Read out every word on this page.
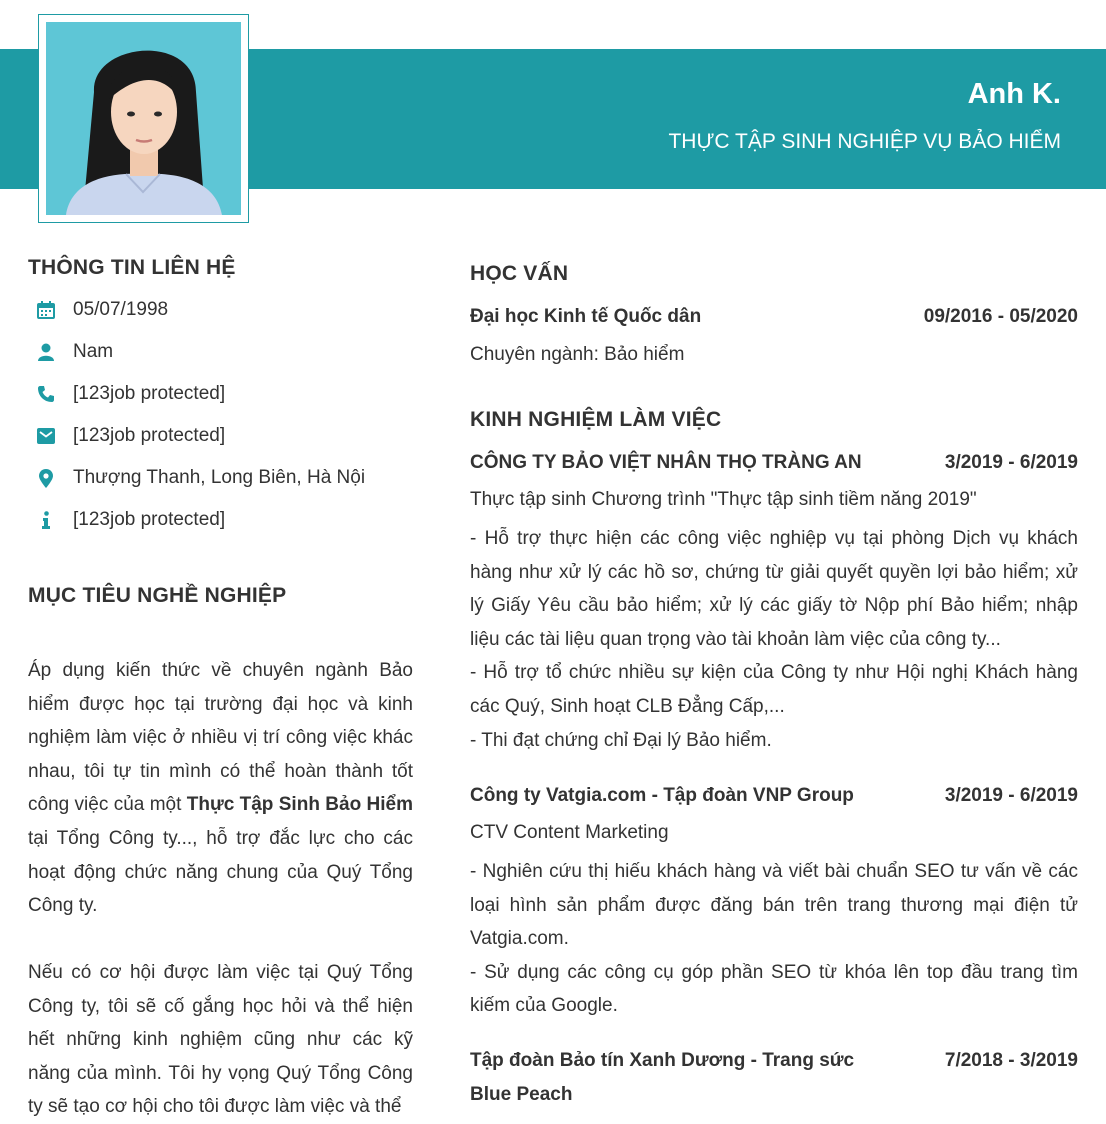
Anh K.
THỰC TẬP SINH NGHIỆP VỤ BẢO HIỂM
THÔNG TIN LIÊN HỆ
05/07/1998
Nam
[123job protected]
[123job protected]
Thượng Thanh, Long Biên, Hà Nội
[123job protected]
MỤC TIÊU NGHỀ NGHIỆP
Áp dụng kiến thức về chuyên ngành Bảo hiểm được học tại trường đại học và kinh nghiệm làm việc ở nhiều vị trí công việc khác nhau, tôi tự tin mình có thể hoàn thành tốt công việc của một Thực Tập Sinh Bảo Hiểm tại Tổng Công ty..., hỗ trợ đắc lực cho các hoạt động chức năng chung của Quý Tổng Công ty.
Nếu có cơ hội được làm việc tại Quý Tổng Công ty, tôi sẽ cố gắng học hỏi và thể hiện hết những kinh nghiệm cũng như các kỹ năng của mình. Tôi hy vọng Quý Tổng Công ty sẽ tạo cơ hội cho tôi được làm việc và thể
HỌC VẤN
Đại học Kinh tế Quốc dân	09/2016 - 05/2020
Chuyên ngành: Bảo hiểm
KINH NGHIỆM LÀM VIỆC
CÔNG TY BẢO VIỆT NHÂN THỌ TRÀNG AN	3/2019 - 6/2019
Thực tập sinh Chương trình "Thực tập sinh tiềm năng 2019"
- Hỗ trợ thực hiện các công việc nghiệp vụ tại phòng Dịch vụ khách
hàng như xử lý các hồ sơ, chứng từ giải quyết quyền lợi bảo hiểm; xử
lý Giấy Yêu cầu bảo hiểm; xử lý các giấy tờ Nộp phí Bảo hiểm; nhập
liệu các tài liệu quan trọng vào tài khoản làm việc của công ty...
- Hỗ trợ tổ chức nhiều sự kiện của Công ty như Hội nghị Khách hàng
các Quý, Sinh hoạt CLB Đẳng Cấp,...
- Thi đạt chứng chỉ Đại lý Bảo hiểm.
Công ty Vatgia.com - Tập đoàn VNP Group	3/2019 - 6/2019
CTV Content Marketing
- Nghiên cứu thị hiếu khách hàng và viết bài chuẩn SEO tư vấn về các
loại hình sản phẩm được đăng bán trên trang thương mại điện tử
Vatgia.com.
- Sử dụng các công cụ góp phần SEO từ khóa lên top đầu trang tìm
kiếm của Google.
Tập đoàn Bảo tín Xanh Dương - Trang sức	7/2018 - 3/2019
Blue Peach
